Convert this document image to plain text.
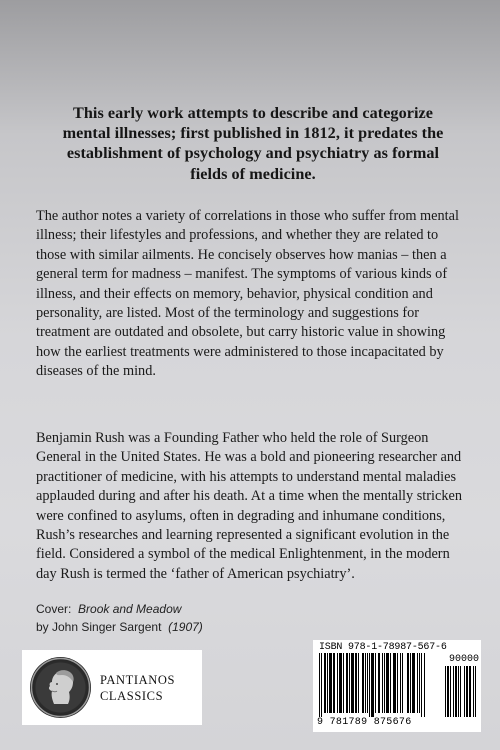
This early work attempts to describe and categorize mental illnesses; first published in 1812, it predates the establishment of psychology and psychiatry as formal fields of medicine.

The author notes a variety of correlations in those who suffer from mental illness; their lifestyles and professions, and whether they are related to those with similar ailments. He concisely observes how manias – then a general term for madness – manifest. The symptoms of various kinds of illness, and their effects on memory, behavior, physical condition and personality, are listed. Most of the terminology and suggestions for treatment are outdated and obsolete, but carry historic value in showing how the earliest treatments were administered to those incapacitated by diseases of the mind.

Benjamin Rush was a Founding Father who held the role of Surgeon General in the United States. He was a bold and pioneering researcher and practitioner of medicine, with his attempts to understand mental maladies applauded during and after his death. At a time when the mentally stricken were confined to asylums, often in degrading and inhumane conditions, Rush’s researches and learning represented a significant evolution in the field. Considered a symbol of the medical Enlightenment, in the modern day Rush is termed the ‘father of American psychiatry’.

Cover: Brook and Meadow
by John Singer Sargent (1907)
PANTIANOS
CLASSICS
ISBN 978-1-78987-567-6
90000
9 781789 875676
